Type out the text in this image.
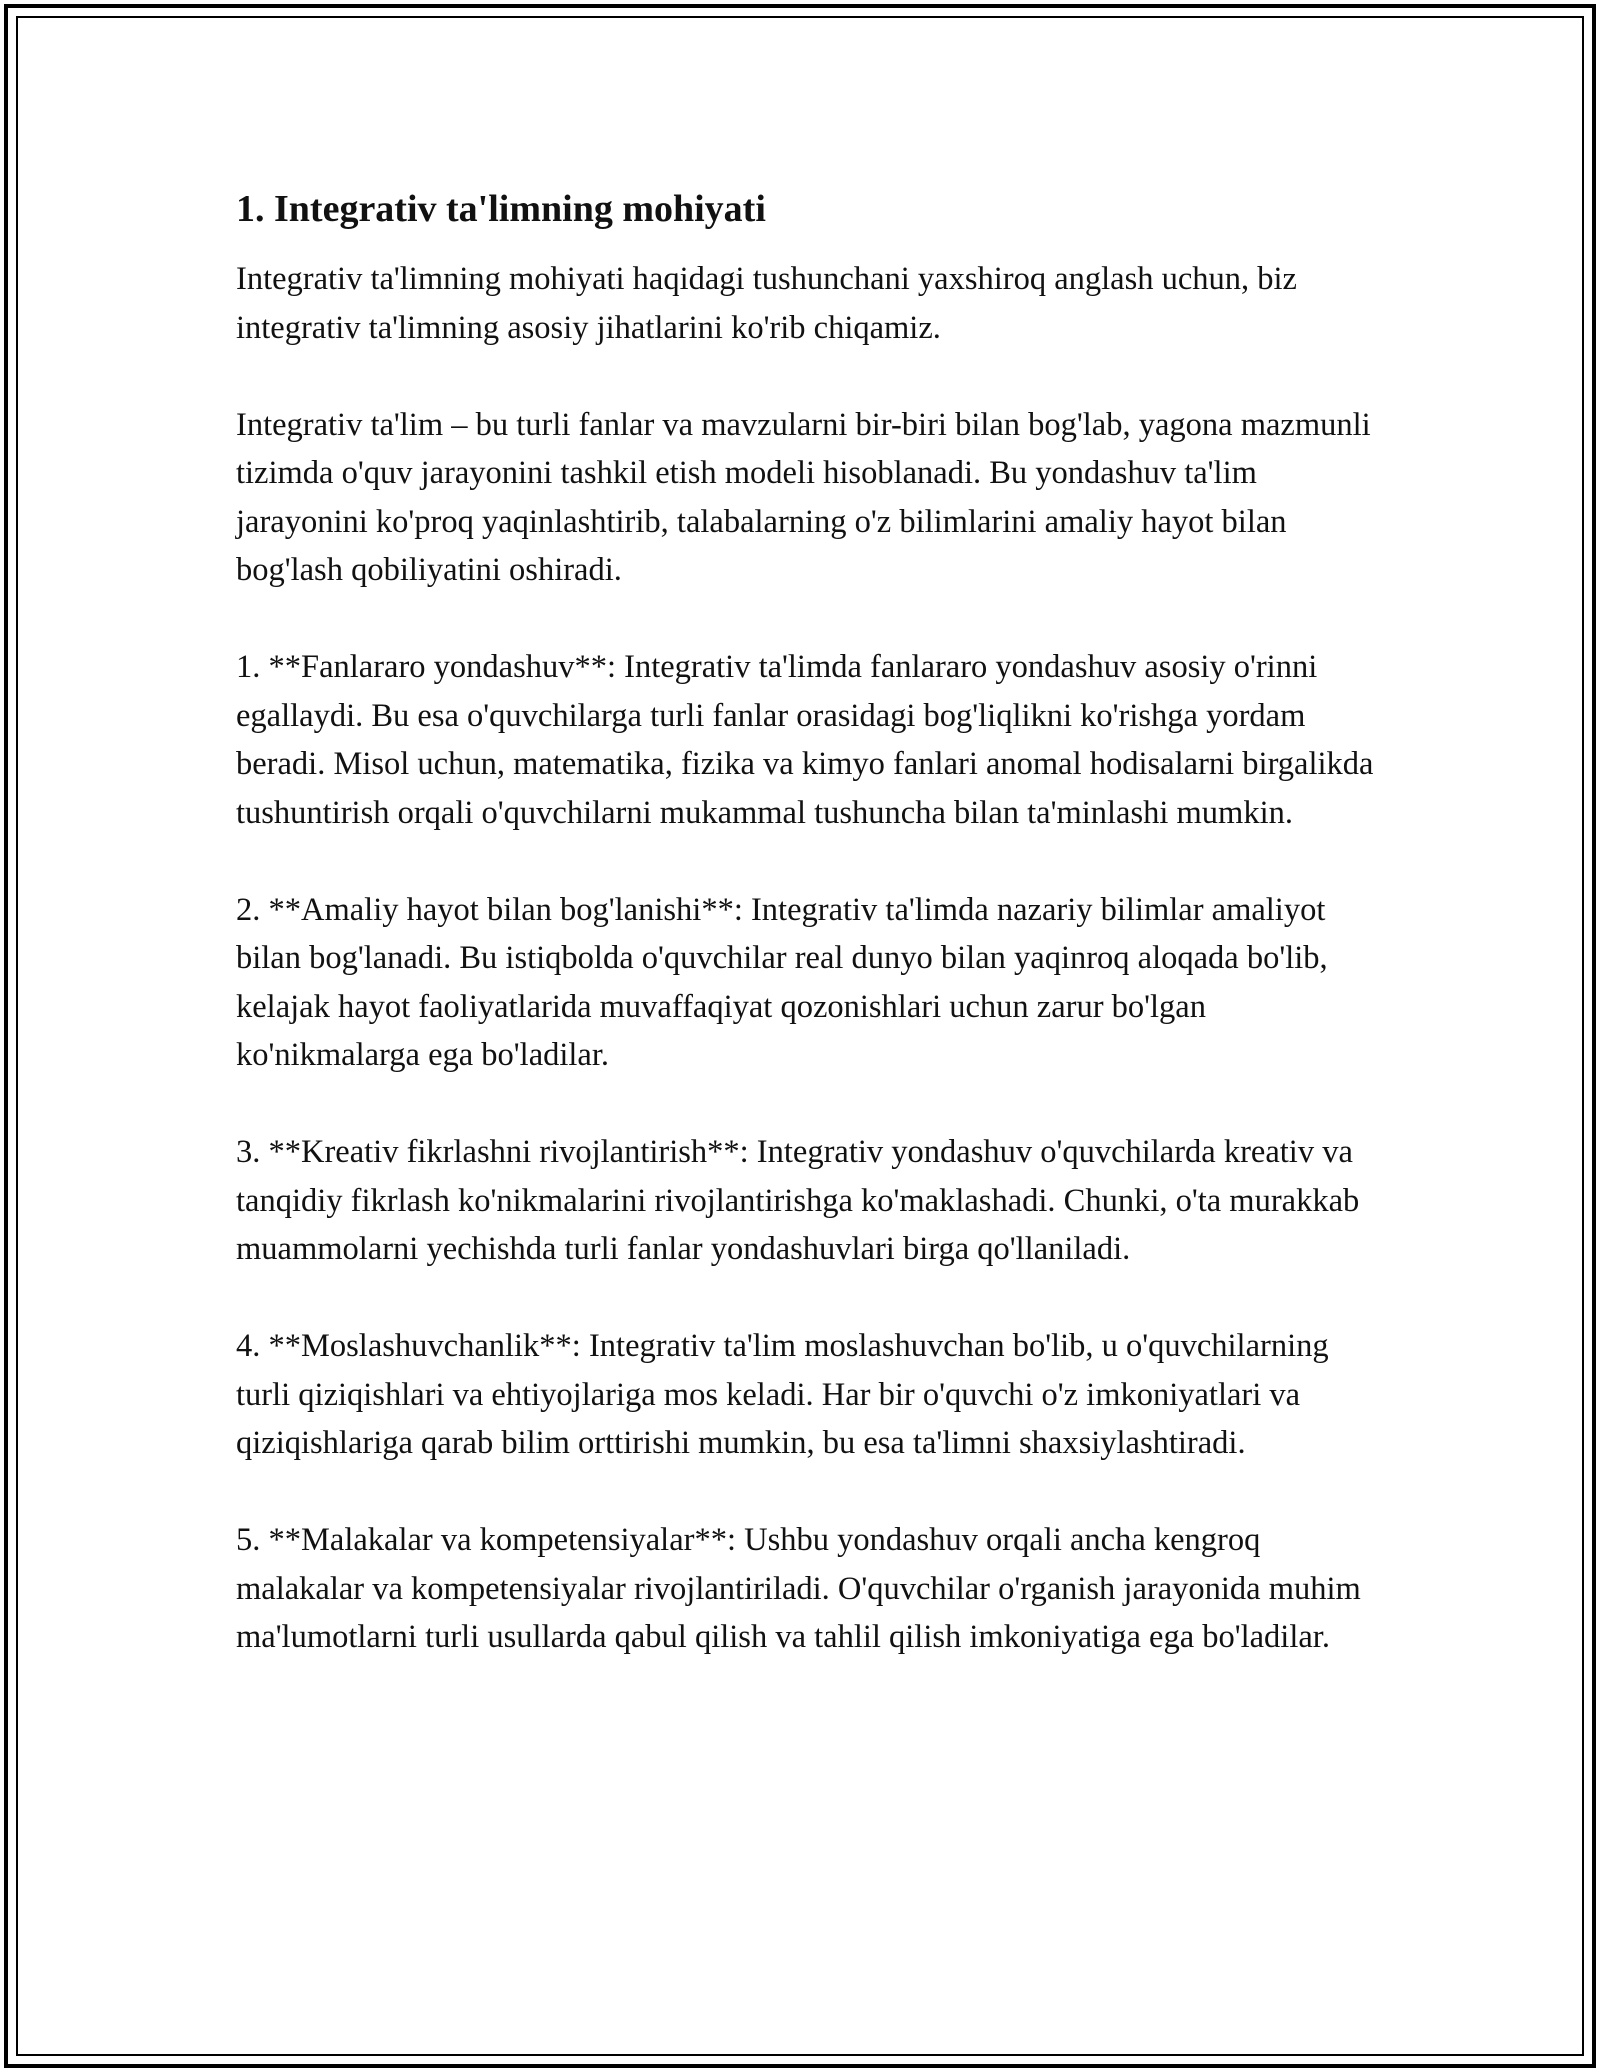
1. Integrativ ta'limning mohiyati

Integrativ ta'limning mohiyati haqidagi tushunchani yaxshiroq anglash uchun, biz integrativ ta'limning asosiy jihatlarini ko'rib chiqamiz.

Integrativ ta'lim – bu turli fanlar va mavzularni bir-biri bilan bog'lab, yagona mazmunli tizimda o'quv jarayonini tashkil etish modeli hisoblanadi. Bu yondashuv ta'lim jarayonini ko'proq yaqinlashtirib, talabalarning o'z bilimlarini amaliy hayot bilan bog'lash qobiliyatini oshiradi.

1. **Fanlararo yondashuv**: Integrativ ta'limda fanlararo yondashuv asosiy o'rinni egallaydi. Bu esa o'quvchilarga turli fanlar orasidagi bog'liqlikni ko'rishga yordam beradi. Misol uchun, matematika, fizika va kimyo fanlari anomal hodisalarni birgalikda tushuntirish orqali o'quvchilarni mukammal tushuncha bilan ta'minlashi mumkin.

2. **Amaliy hayot bilan bog'lanishi**: Integrativ ta'limda nazariy bilimlar amaliyot bilan bog'lanadi. Bu istiqbolda o'quvchilar real dunyo bilan yaqinroq aloqada bo'lib, kelajak hayot faoliyatlarida muvaffaqiyat qozonishlari uchun zarur bo'lgan ko'nikmalarga ega bo'ladilar.

3. **Kreativ fikrlashni rivojlantirish**: Integrativ yondashuv o'quvchilarda kreativ va tanqidiy fikrlash ko'nikmalarini rivojlantirishga ko'maklashadi. Chunki, o'ta murakkab muammolarni yechishda turli fanlar yondashuvlari birga qo'llaniladi.

4. **Moslashuvchanlik**: Integrativ ta'lim moslashuvchan bo'lib, u o'quvchilarning turli qiziqishlari va ehtiyojlariga mos keladi. Har bir o'quvchi o'z imkoniyatlari va qiziqishlariga qarab bilim orttirishi mumkin, bu esa ta'limni shaxsiylashtiradi.

5. **Malakalar va kompetensiyalar**: Ushbu yondashuv orqali ancha kengroq malakalar va kompetensiyalar rivojlantiriladi. O'quvchilar o'rganish jarayonida muhim ma'lumotlarni turli usullarda qabul qilish va tahlil qilish imkoniyatiga ega bo'ladilar.
